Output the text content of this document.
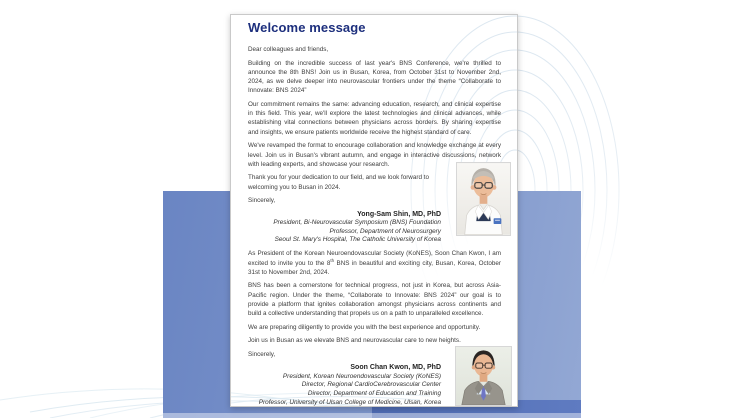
Welcome message

Dear colleagues and friends,

Building on the incredible success of last year's BNS Conference, we're thrilled to announce the 8th BNS! Join us in Busan, Korea, from October 31st to November 2nd, 2024, as we delve deeper into neurovascular frontiers under the theme “Collaborate to Innovate: BNS 2024”

Our commitment remains the same: advancing education, research, and clinical expertise in this field. This year, we'll explore the latest technologies and clinical advances, while establishing vital connections between physicians across borders. By sharing expertise and insights, we ensure patients worldwide receive the highest standard of care.

We've revamped the format to encourage collaboration and knowledge exchange at every level. Join us in Busan's vibrant autumn, and engage in interactive discussions, network with leading experts, and showcase your research.

Thank you for your dedication to our field, and we look forward to welcoming you to Busan in 2024.

Sincerely,

Yong-Sam Shin, MD, PhD
President, Bi-Neurovascular Symposium (BNS) Foundation
Professor, Department of Neurosurgery
Seoul St. Mary's Hospital, The Catholic University of Korea

As President of the Korean Neuroendovascular Society (KoNES), Soon Chan Kwon, I am excited to invite you to the 8th BNS in beautiful and exciting city, Busan, Korea, October 31st to November 2nd, 2024.

BNS has been a cornerstone for technical progress, not just in Korea, but across Asia-Pacific region. Under the theme, “Collaborate to Innovate: BNS 2024” our goal is to provide a platform that ignites collaboration amongst physicians across continents and build a collective understanding that propels us on a path to unparalleled excellence.

We are preparing diligently to provide you with the best experience and opportunity.

Join us in Busan as we elevate BNS and neurovascular care to new heights.

Sincerely,

Soon Chan Kwon, MD, PhD
President, Korean Neuroendovascular Society (KoNES)
Director, Regional CardioCerebrovascular Center
Director, Department of Education and Training
Professor, University of Ulsan College of Medicine, Ulsan, Korea
